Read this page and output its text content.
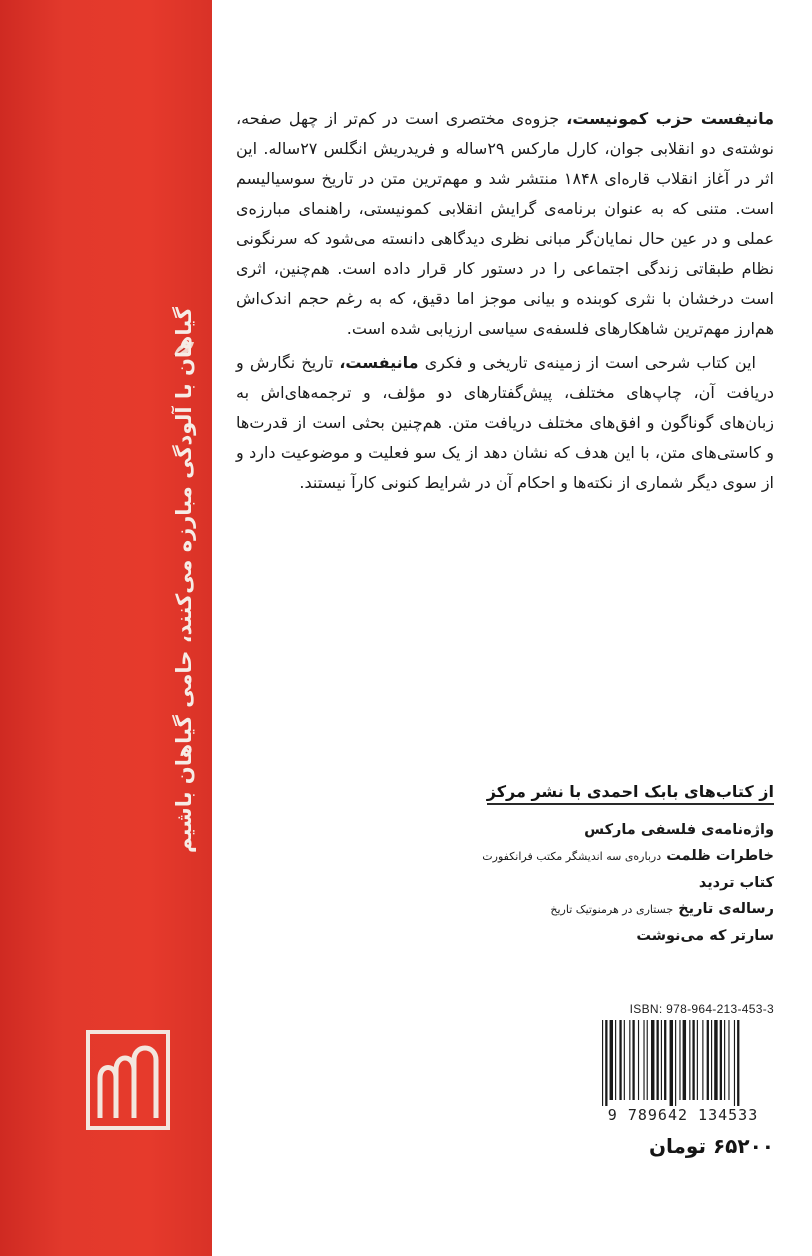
گیاهان با آلودگی مبارزه می‌کنند، حامی گیاهان باشیم

مانیفست حزب کمونیست، جزوه‌ی مختصری است در کم‌تر از چهل صفحه، نوشته‌ی دو انقلابی جوان، کارل مارکس ۲۹ساله و فریدریش انگلس ۲۷ساله. این اثر در آغاز انقلاب قاره‌ای ۱۸۴۸ منتشر شد و مهم‌ترین متن در تاریخ سوسیالیسم است. متنی که به عنوان برنامه‌ی گرایش انقلابی کمونیستی، راهنمای مبارزه‌ی عملی و در عین حال نمایان‌گر مبانی نظری دیدگاهی دانسته می‌شود که سرنگونی نظام طبقاتی زندگی اجتماعی را در دستور کار قرار داده است. هم‌چنین، اثری است درخشان با نثری کوبنده و بیانی موجز اما دقیق، که به رغم حجم اندک‌اش هم‌ارز مهم‌ترین شاهکارهای فلسفه‌ی سیاسی ارزیابی شده است.

این کتاب شرحی است از زمینه‌ی تاریخی و فکری مانیفست، تاریخ نگارش و دریافت آن، چاپ‌های مختلف، پیش‌گفتارهای دو مؤلف، و ترجمه‌های‌اش به زبان‌های گوناگون و افق‌های مختلف دریافت متن. هم‌چنین بحثی است از قدرت‌ها و کاستی‌های متن، با این هدف که نشان دهد از یک سو فعلیت و موضوعیت دارد و از سوی دیگر شماری از نکته‌ها و احکام آن در شرایط کنونی کارآ نیستند.

از کتاب‌های بابک احمدی با نشر مرکز
واژه‌نامه‌ی فلسفی مارکس
خاطرات ظلمت درباره‌ی سه اندیشگر مکتب فرانکفورت
کتاب تردید
رساله‌ی تاریخ جستاری در هرمنوتیک تاریخ
سارتر که می‌نوشت
ISBN: 978-964-213-453-3
9 789642 134533
۶۵۲۰۰ تومان
